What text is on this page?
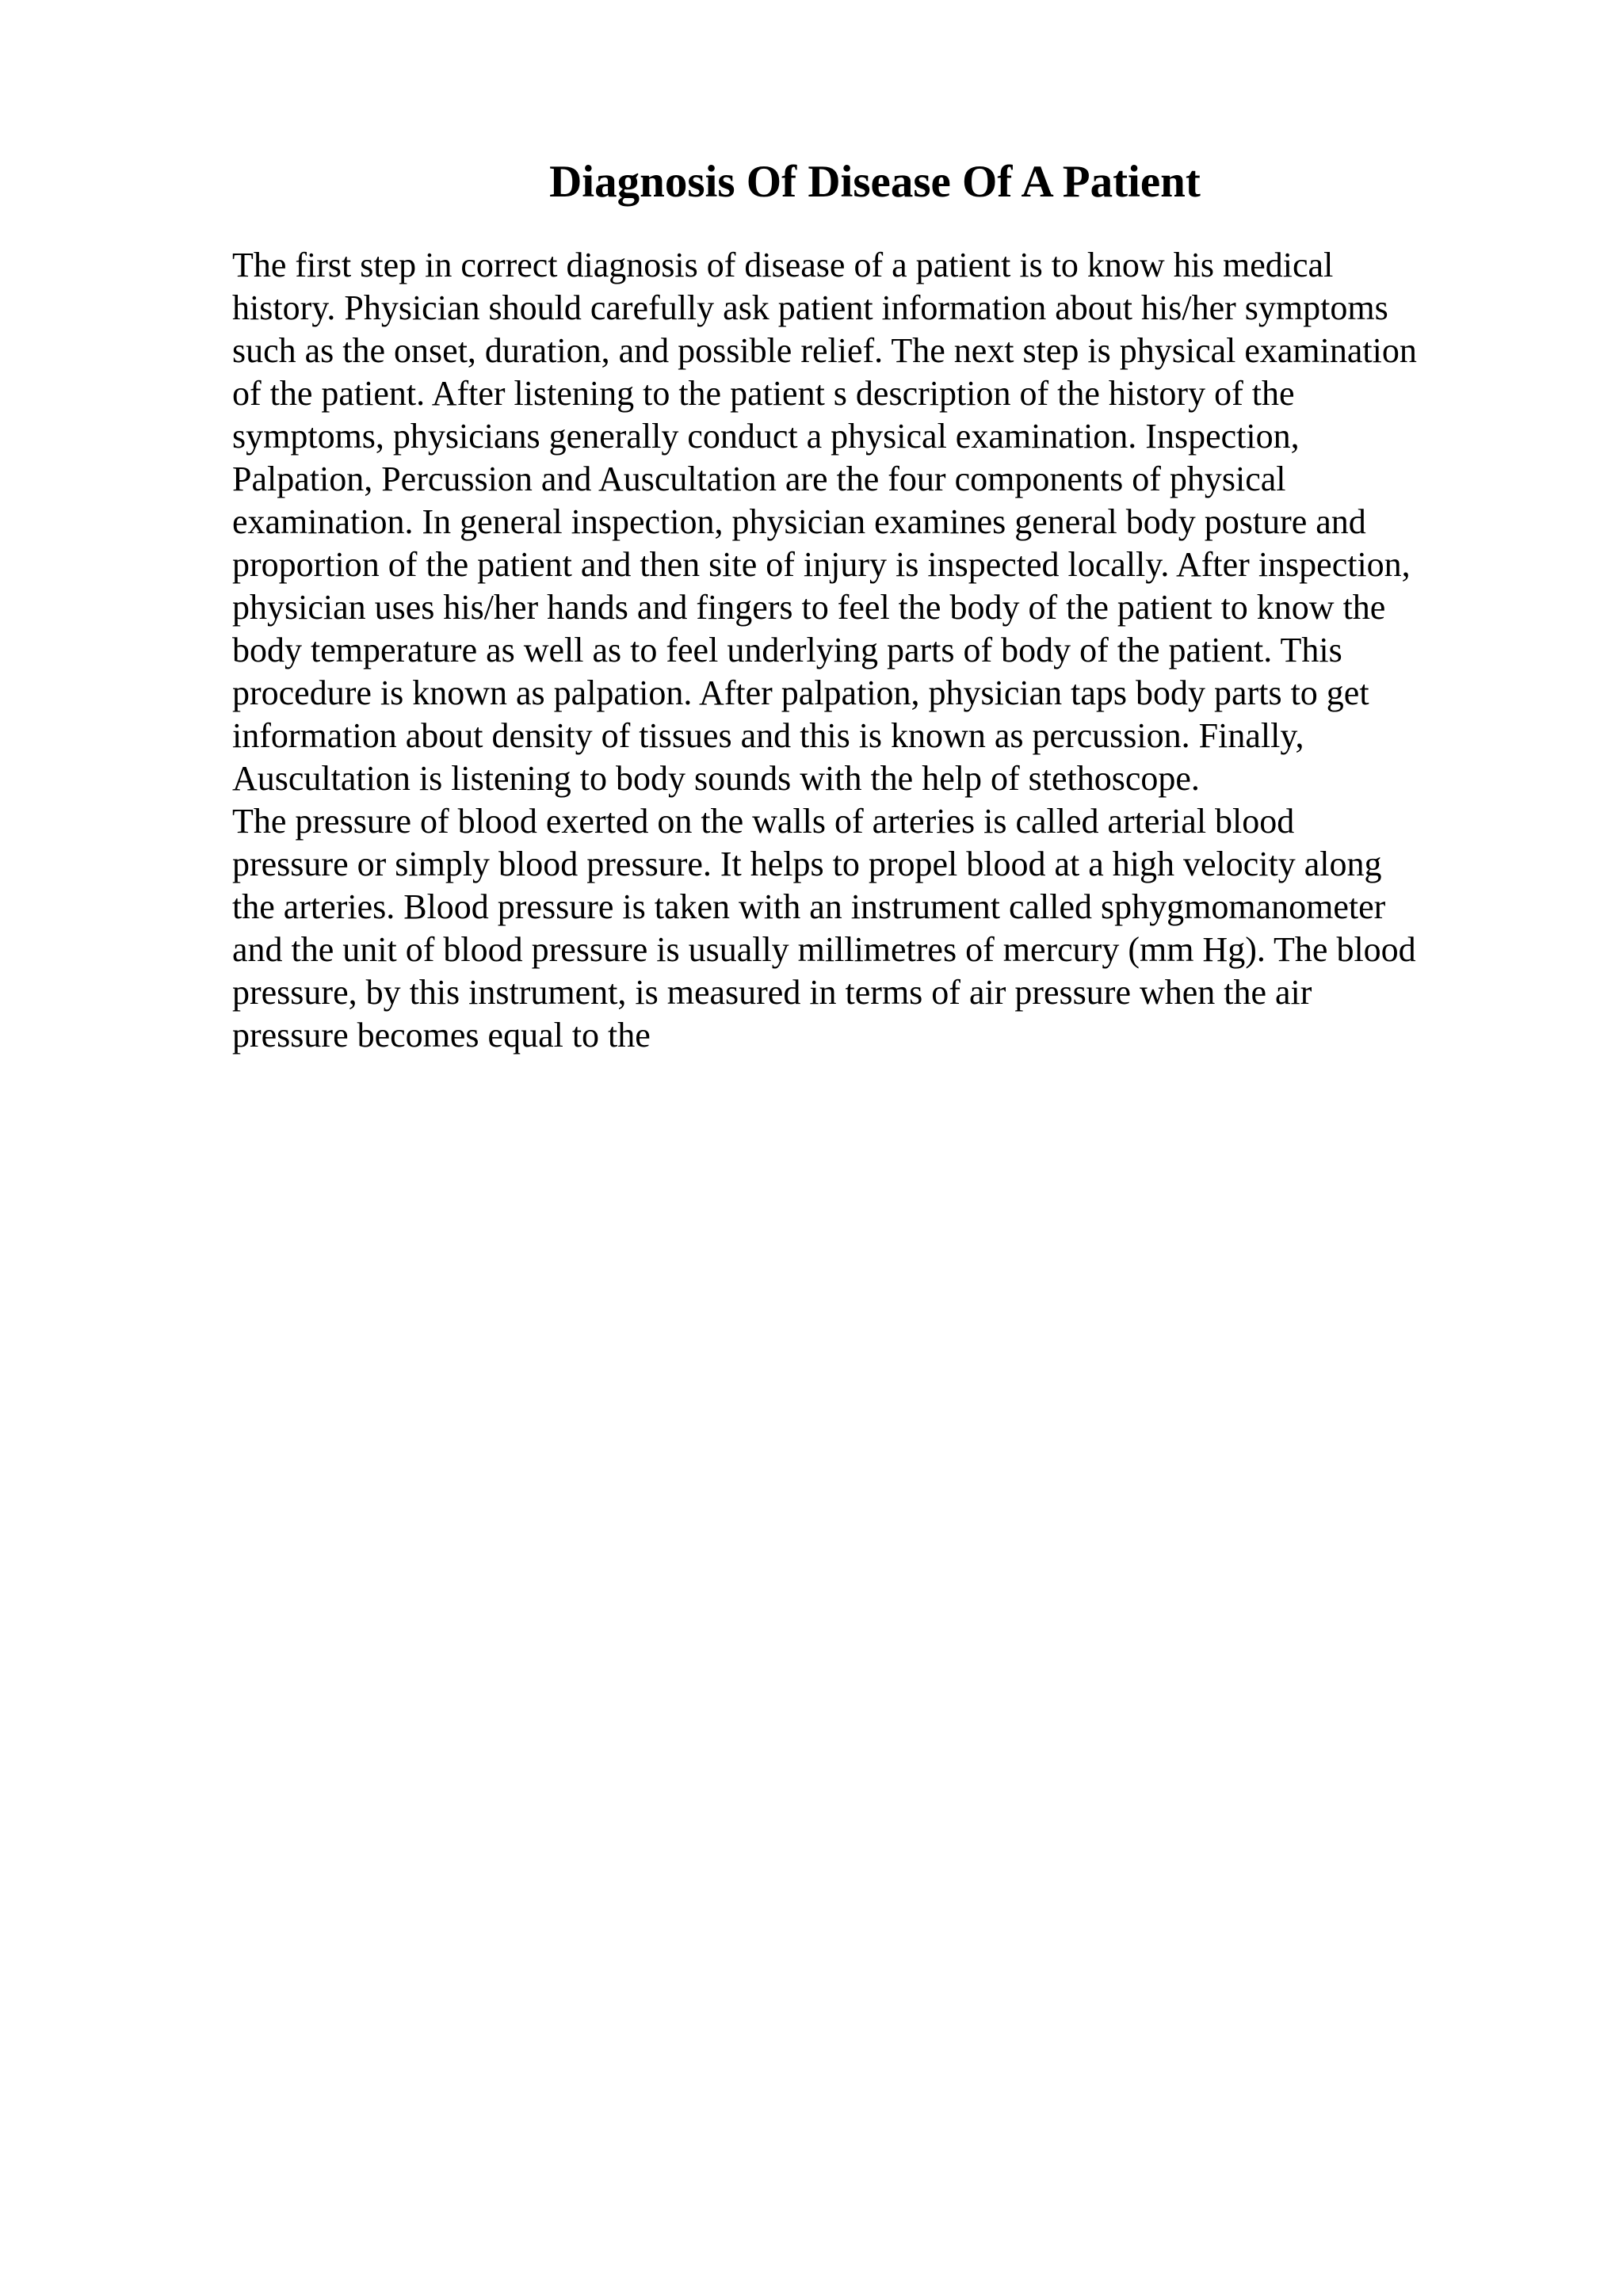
Diagnosis Of Disease Of A Patient
The first step in correct diagnosis of disease of a patient is to know his medical
history. Physician should carefully ask patient information about his/her symptoms
such as the onset, duration, and possible relief. The next step is physical examination
of the patient. After listening to the patient s description of the history of the
symptoms, physicians generally conduct a physical examination. Inspection,
Palpation, Percussion and Auscultation are the four components of physical
examination. In general inspection, physician examines general body posture and
proportion of the patient and then site of injury is inspected locally. After inspection,
physician uses his/her hands and fingers to feel the body of the patient to know the
body temperature as well as to feel underlying parts of body of the patient. This
procedure is known as palpation. After palpation, physician taps body parts to get
information about density of tissues and this is known as percussion. Finally,
Auscultation is listening to body sounds with the help of stethoscope.
The pressure of blood exerted on the walls of arteries is called arterial blood
pressure or simply blood pressure. It helps to propel blood at a high velocity along
the arteries. Blood pressure is taken with an instrument called sphygmomanometer
and the unit of blood pressure is usually millimetres of mercury (mm Hg). The blood
pressure, by this instrument, is measured in terms of air pressure when the air
pressure becomes equal to the
